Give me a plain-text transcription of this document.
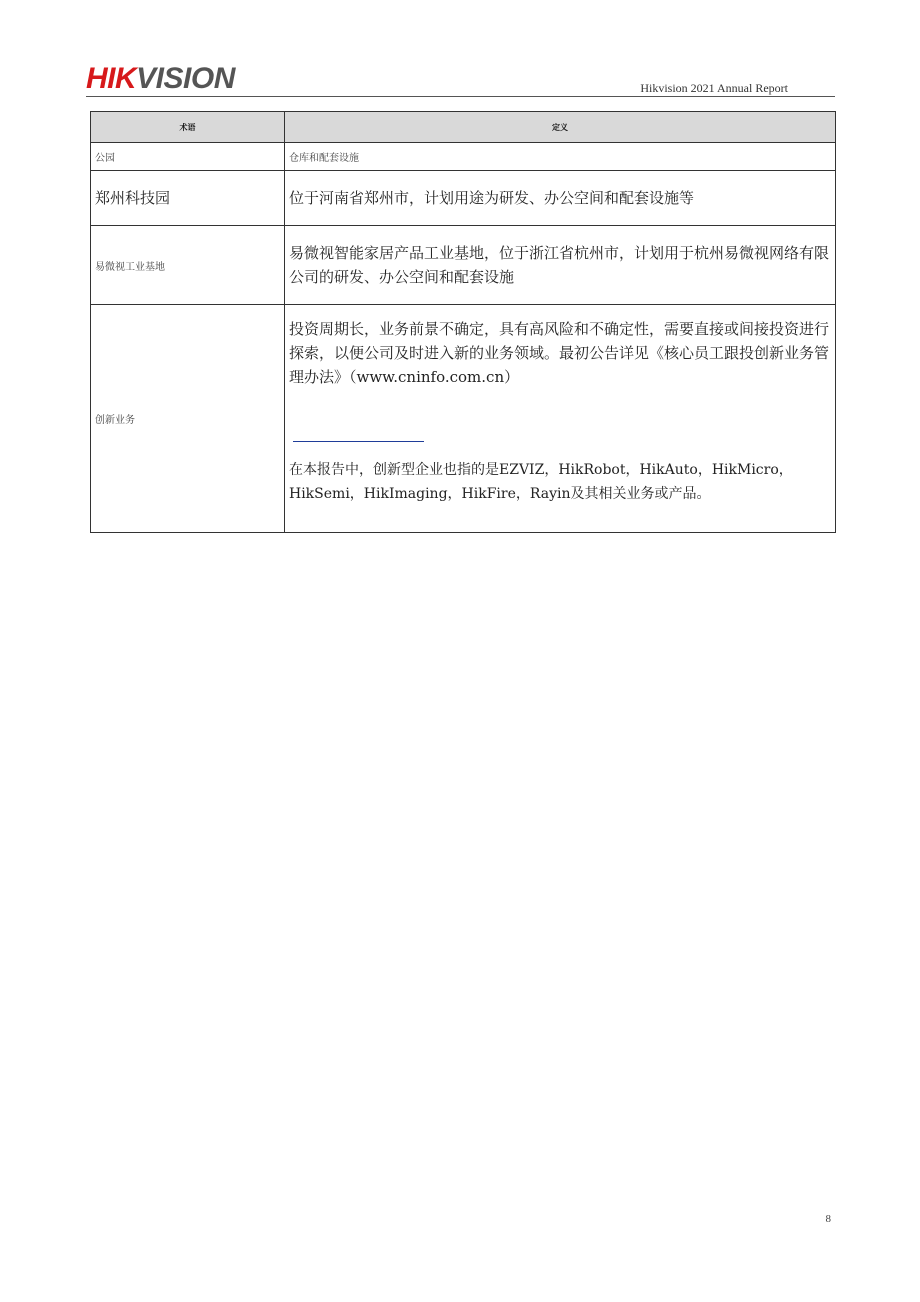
HIKVISION	Hikvision 2021 Annual Report
术语	定义
公园	仓库和配套设施
郑州科技园	位于河南省郑州市，计划用途为研发、办公空间和配套设施等
易微视工业基地	易微视智能家居产品工业基地，位于浙江省杭州市，计划用于杭州易微视网络有限公司的研发、办公空间和配套设施
创新业务	投资周期长，业务前景不确定，具有高风险和不确定性，需要直接或间接投资进行探索，以便公司及时进入新的业务领域。最初公告详见《核心员工跟投创新业务管理办法》（www.cninfo.com.cn）
在本报告中，创新型企业也指的是EZVIZ，HikRobot，HikAuto，HikMicro，HikSemi，HikImaging，HikFire，Rayin及其相关业务或产品。
8
